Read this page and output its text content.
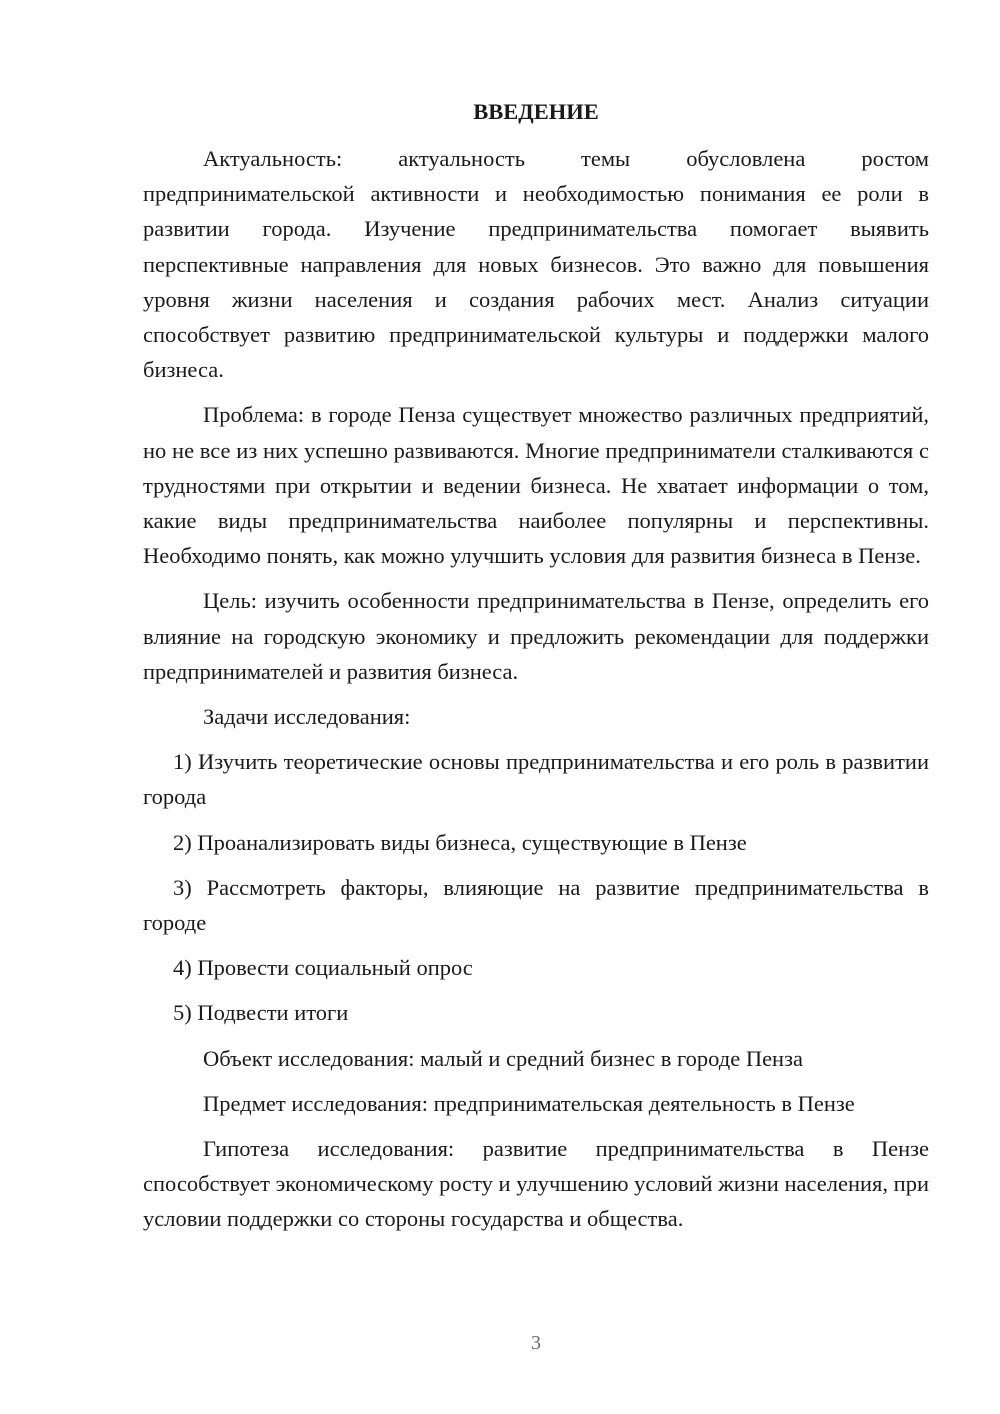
ВВЕДЕНИЕ

Актуальность: актуальность темы обусловлена ростом предпринимательской активности и необходимостью понимания ее роли в развитии города. Изучение предпринимательства помогает выявить перспективные направления для новых бизнесов. Это важно для повышения уровня жизни населения и создания рабочих мест. Анализ ситуации способствует развитию предпринимательской культуры и поддержки малого бизнеса.

Проблема: в городе Пенза существует множество различных предприятий, но не все из них успешно развиваются. Многие предприниматели сталкиваются с трудностями при открытии и ведении бизнеса. Не хватает информации о том, какие виды предпринимательства наиболее популярны и перспективны. Необходимо понять, как можно улучшить условия для развития бизнеса в Пензе.

Цель: изучить особенности предпринимательства в Пензе, определить его влияние на городскую экономику и предложить рекомендации для поддержки предпринимателей и развития бизнеса.

Задачи исследования:

1) Изучить теоретические основы предпринимательства и его роль в развитии города

2) Проанализировать виды бизнеса, существующие в Пензе

3) Рассмотреть факторы, влияющие на развитие предпринимательства в городе

4) Провести социальный опрос

5) Подвести итоги

Объект исследования: малый и средний бизнес в городе Пенза

Предмет исследования: предпринимательская деятельность в Пензе

Гипотеза исследования: развитие предпринимательства в Пензе способствует экономическому росту и улучшению условий жизни населения, при условии поддержки со стороны государства и общества.

3
